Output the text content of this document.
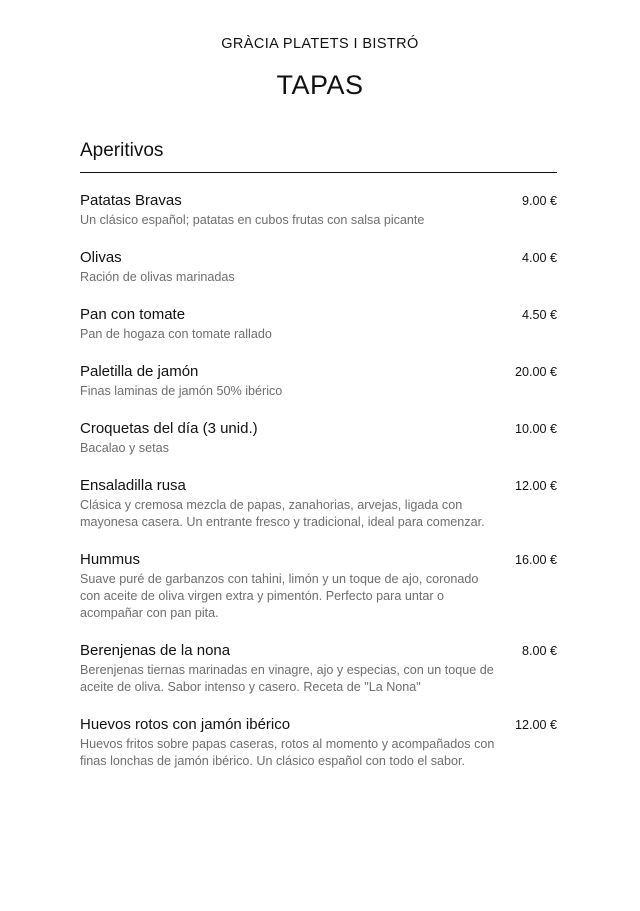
GRÀCIA PLATETS I BISTRÓ
TAPAS
Aperitivos
Patatas Bravas
Un clásico español; patatas en cubos frutas con salsa picante
9.00 €
Olivas
Ración de olivas marinadas
4.00 €
Pan con tomate
Pan de hogaza con tomate rallado
4.50 €
Paletilla de jamón
Finas laminas de jamón 50% ibérico
20.00 €
Croquetas del día (3 unid.)
Bacalao y setas
10.00 €
Ensaladilla rusa
Clásica y cremosa mezcla de papas, zanahorias, arvejas, ligada con mayonesa casera. Un entrante fresco y tradicional, ideal para comenzar.
12.00 €
Hummus
Suave puré de garbanzos con tahini, limón y un toque de ajo, coronado con aceite de oliva virgen extra y pimentón. Perfecto para untar o acompañar con pan pita.
16.00 €
Berenjenas de la nona
Berenjenas tiernas marinadas en vinagre, ajo y especias, con un toque de aceite de oliva. Sabor intenso y casero. Receta de "La Nona"
8.00 €
Huevos rotos con jamón ibérico
Huevos fritos sobre papas caseras, rotos al momento y acompañados con finas lonchas de jamón ibérico. Un clásico español con todo el sabor.
12.00 €
